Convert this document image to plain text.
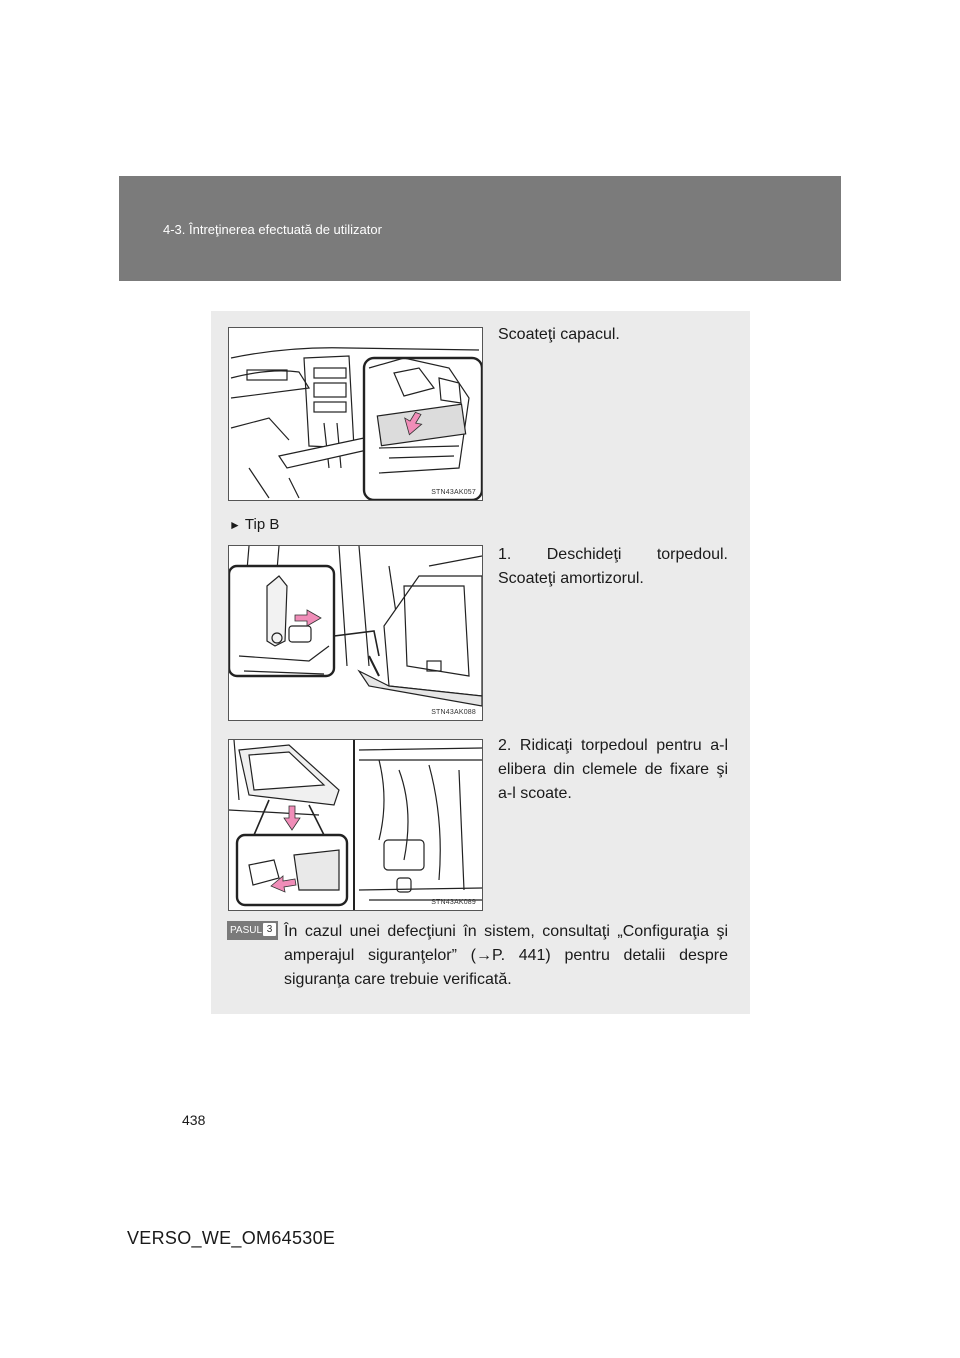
4-3. Întreţinerea efectuată de utilizator
STN43AK057
Scoateţi capacul.
► Tip B
STN43AK088
1. Deschideţi torpedoul. Scoateţi amortizorul.
STN43AK089
2. Ridicaţi torpedoul pentru a-l elibera din clemele de fixare şi a-l scoate.
PASUL 3 În cazul unei defecţiuni în sistem, consultaţi „Configuraţia şi amperajul siguranţelor” (→P. 441) pentru detalii despre siguranţa care trebuie verificată.
438
VERSO_WE_OM64530E
